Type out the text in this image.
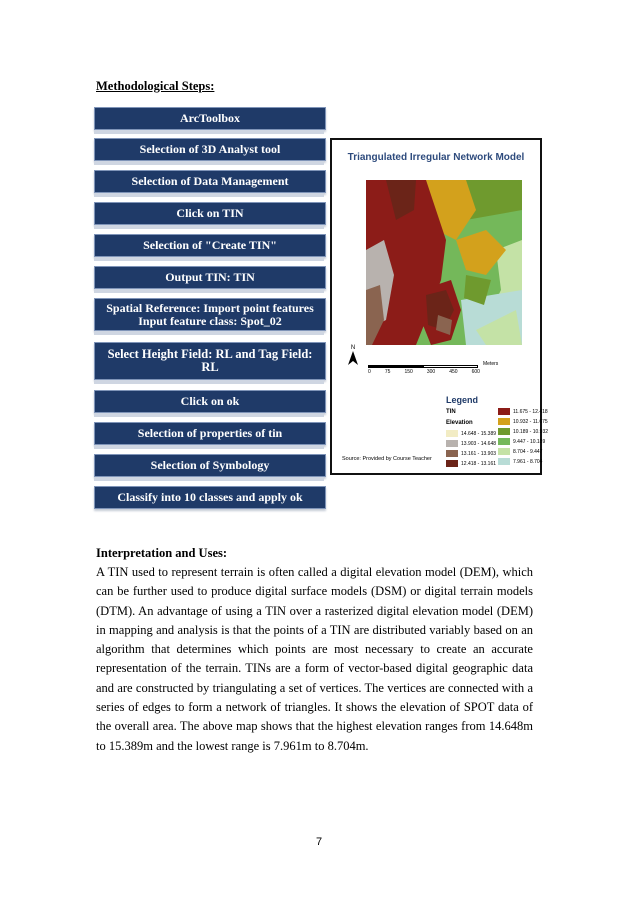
Methodological Steps:
ArcToolbox
Selection of 3D Analyst tool
Selection of Data Management
Click on TIN
Selection of "Create TIN"
Output TIN: TIN
Spatial Reference: Import point features
Input feature class: Spot_02
Select Height Field: RL and Tag Field:
RL
Click on ok
Selection of properties of tin
Selection of Symbology
Classify into 10 classes and apply ok
Triangulated Irregular Network Model
N
0	75	150	300	450	600
Meters
Legend
TIN
Elevation
14.648 - 15.389
13.903 - 14.648
13.161 - 13.903
12.418 - 13.161
11.675 - 12.418
10.932 - 11.675
10.189 - 10.932
9.447 - 10.189
8.704 - 9.447
7.961 - 8.704
Source: Provided by Course Teacher
Interpretation and Uses:

A TIN used to represent terrain is often called a digital elevation model (DEM), which can be further used to produce digital surface models (DSM) or digital terrain models (DTM). An advantage of using a TIN over a rasterized digital elevation model (DEM) in mapping and analysis is that the points of a TIN are distributed variably based on an algorithm that determines which points are most necessary to create an accurate representation of the terrain. TINs are a form of vector-based digital geographic data and are constructed by triangulating a set of vertices. The vertices are connected with a series of edges to form a network of triangles. It shows the elevation of SPOT data of the overall area. The above map shows that the highest elevation ranges from 14.648m to 15.389m and the lowest range is 7.961m to 8.704m.

7
